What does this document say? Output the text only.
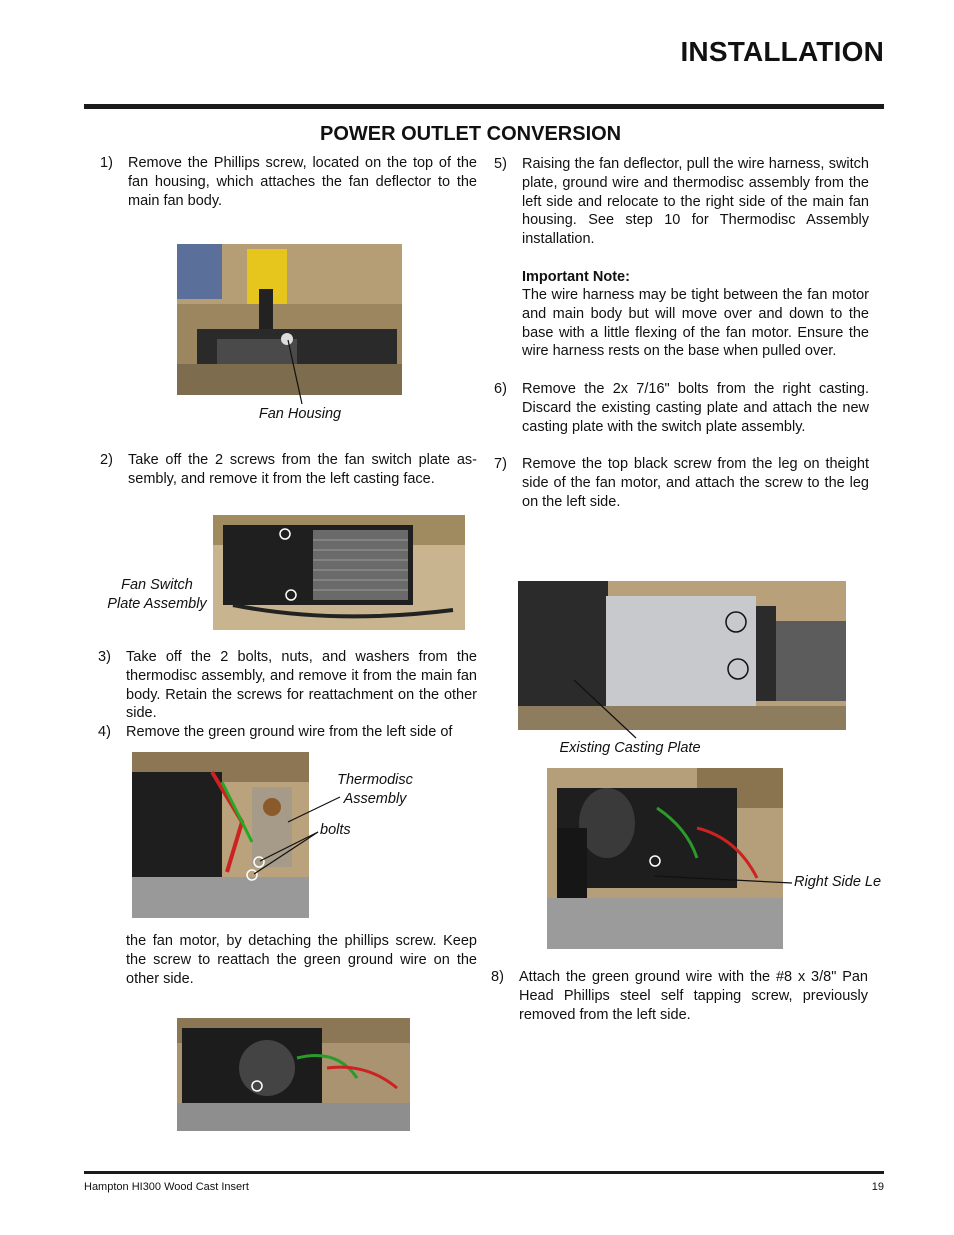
INSTALLATION
POWER OUTLET CONVERSION
1) Remove the Phillips screw, located on the top of the fan housing, which attaches the fan deflector to the main fan body.
Fan Housing
2) Take off the 2 screws from the fan switch plate as-sembly, and remove it from the left casting face.
Fan Switch
Plate Assembly
3) Take off the 2 bolts, nuts, and washers from the thermodisc assembly, and remove it from the main fan body. Retain the screws for reattachment on the other side.
4) Remove the green ground wire from the left side of
Thermodisc
Assembly
bolts
the fan motor, by detaching the phillips screw. Keep the screw to reattach the green ground wire on the other side.
5) Raising the fan deflector, pull the wire harness, switch plate, ground wire and thermodisc assembly from the left side and relocate to the right side of the main fan housing. See step 10 for Thermodisc Assembly installation.
Important Note:
The wire harness may be tight between the fan motor and main body but will move over and down to the base with a little flexing of the fan motor. Ensure the wire harness rests on the base when pulled over.
6) Remove the 2x 7/16" bolts from the right casting. Discard the existing casting plate and attach the new casting plate with the switch plate assembly.
7) Remove the top black screw from the leg on theight side of the fan motor, and attach the screw to the leg on the left side.
Existing Casting Plate
Right Side Le
8) Attach the green ground wire with the #8 x 3/8" Pan Head Phillips steel self tapping screw, previously removed from the left side.
Hampton HI300 Wood Cast Insert	19
